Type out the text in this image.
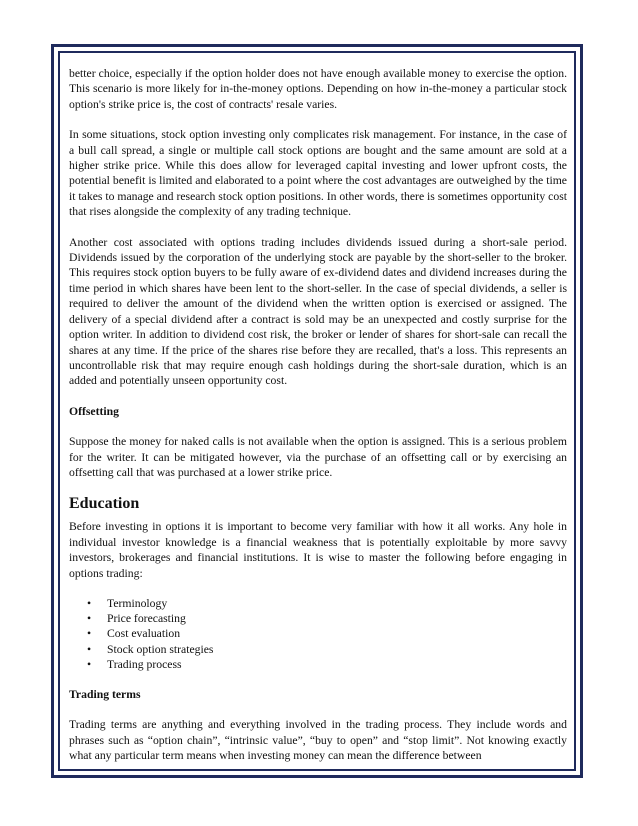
better choice, especially if the option holder does not have enough available money to exercise the option. This scenario is more likely for in-the-money options. Depending on how in-the-money a particular stock option's strike price is, the cost of contracts' resale varies.

In some situations, stock option investing only complicates risk management. For instance, in the case of a bull call spread, a single or multiple call stock options are bought and the same amount are sold at a higher strike price. While this does allow for leveraged capital investing and lower upfront costs, the potential benefit is limited and elaborated to a point where the cost advantages are outweighed by the time it takes to manage and research stock option positions. In other words, there is sometimes opportunity cost that rises alongside the complexity of any trading technique.

Another cost associated with options trading includes dividends issued during a short-sale period. Dividends issued by the corporation of the underlying stock are payable by the short-seller to the broker. This requires stock option buyers to be fully aware of ex-dividend dates and dividend increases during the time period in which shares have been lent to the short-seller. In the case of special dividends, a seller is required to deliver the amount of the dividend when the written option is exercised or assigned. The delivery of a special dividend after a contract is sold may be an unexpected and costly surprise for the option writer. In addition to dividend cost risk, the broker or lender of shares for short-sale can recall the shares at any time. If the price of the shares rise before they are recalled, that's a loss. This represents an uncontrollable risk that may require enough cash holdings during the short-sale duration, which is an added and potentially unseen opportunity cost.

Offsetting

Suppose the money for naked calls is not available when the option is assigned. This is a serious problem for the writer. It can be mitigated however, via the purchase of an offsetting call or by exercising an offsetting call that was purchased at a lower strike price.

Education

Before investing in options it is important to become very familiar with how it all works. Any hole in individual investor knowledge is a financial weakness that is potentially exploitable by more savvy investors, brokerages and financial institutions. It is wise to master the following before engaging in options trading:

• Terminology
• Price forecasting
• Cost evaluation
• Stock option strategies
• Trading process
Trading terms

Trading terms are anything and everything involved in the trading process. They include words and phrases such as “option chain”, “intrinsic value”, “buy to open” and “stop limit”. Not knowing exactly what any particular term means when investing money can mean the difference between
